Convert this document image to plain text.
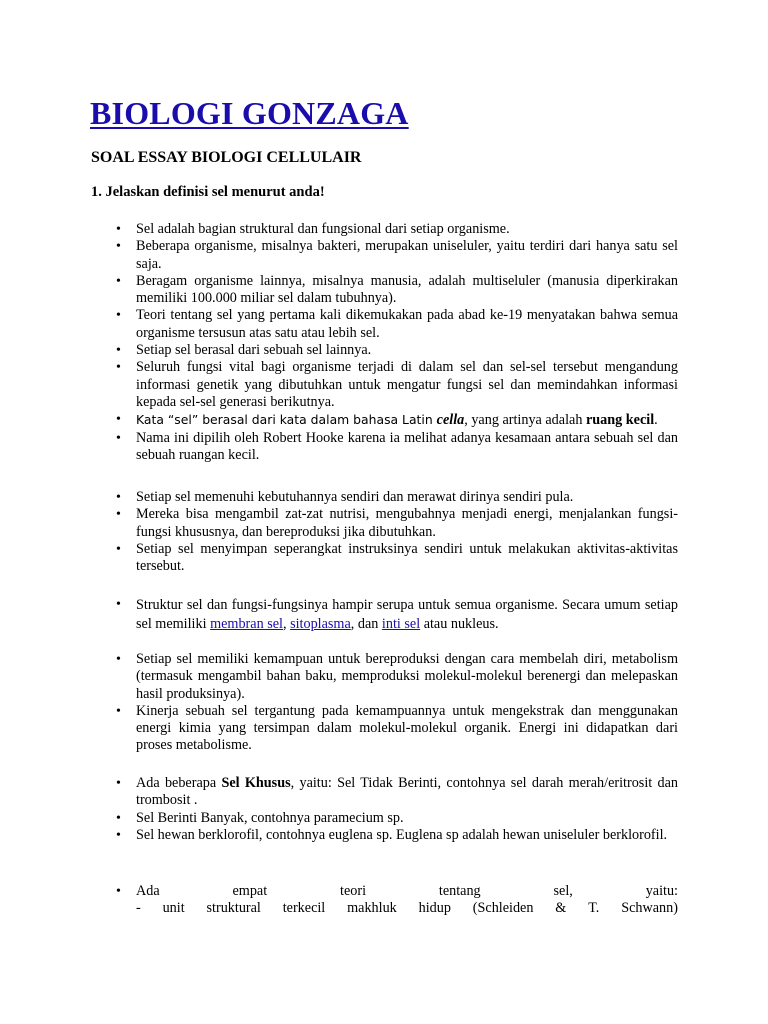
BIOLOGI GONZAGA
SOAL ESSAY BIOLOGI CELLULAIR

1. Jelaskan definisi sel menurut anda!

• Sel adalah bagian struktural dan fungsional dari setiap organisme.
• Beberapa organisme, misalnya bakteri, merupakan uniseluler, yaitu terdiri dari hanya satu sel saja.
• Beragam organisme lainnya, misalnya manusia, adalah multiseluler (manusia diperkirakan memiliki 100.000 miliar sel dalam tubuhnya).
• Teori tentang sel yang pertama kali dikemukakan pada abad ke-19 menyatakan bahwa semua organisme tersusun atas satu atau lebih sel.
• Setiap sel berasal dari sebuah sel lainnya.
• Seluruh fungsi vital bagi organisme terjadi di dalam sel dan sel-sel tersebut mengandung informasi genetik yang dibutuhkan untuk mengatur fungsi sel dan memindahkan informasi kepada sel-sel generasi berikutnya.
• Kata “sel” berasal dari kata dalam bahasa Latin cella, yang artinya adalah ruang kecil.
• Nama ini dipilih oleh Robert Hooke karena ia melihat adanya kesamaan antara sebuah sel dan sebuah ruangan kecil.
• Setiap sel memenuhi kebutuhannya sendiri dan merawat dirinya sendiri pula.
• Mereka bisa mengambil zat-zat nutrisi, mengubahnya menjadi energi, menjalankan fungsi-fungsi khususnya, dan bereproduksi jika dibutuhkan.
• Setiap sel menyimpan seperangkat instruksinya sendiri untuk melakukan aktivitas-aktivitas tersebut.
• Struktur sel dan fungsi-fungsinya hampir serupa untuk semua organisme. Secara umum setiap sel memiliki membran sel, sitoplasma, dan inti sel atau nukleus.
• Setiap sel memiliki kemampuan untuk bereproduksi dengan cara membelah diri, metabolism (termasuk mengambil bahan baku, memproduksi molekul-molekul berenergi dan melepaskan hasil produksinya).
• Kinerja sebuah sel tergantung pada kemampuannya untuk mengekstrak dan menggunakan energi kimia yang tersimpan dalam molekul-molekul organik. Energi ini didapatkan dari proses metabolisme.
• Ada beberapa Sel Khusus, yaitu: Sel Tidak Berinti, contohnya sel darah merah/eritrosit dan trombosit .
• Sel Berinti Banyak, contohnya paramecium sp.
• Sel hewan berklorofil, contohnya euglena sp. Euglena sp adalah hewan uniseluler berklorofil.
• Ada	empat	teori	tentang	sel,	yaitu:
- unit struktural terkecil makhluk hidup (Schleiden & T. Schwann)
